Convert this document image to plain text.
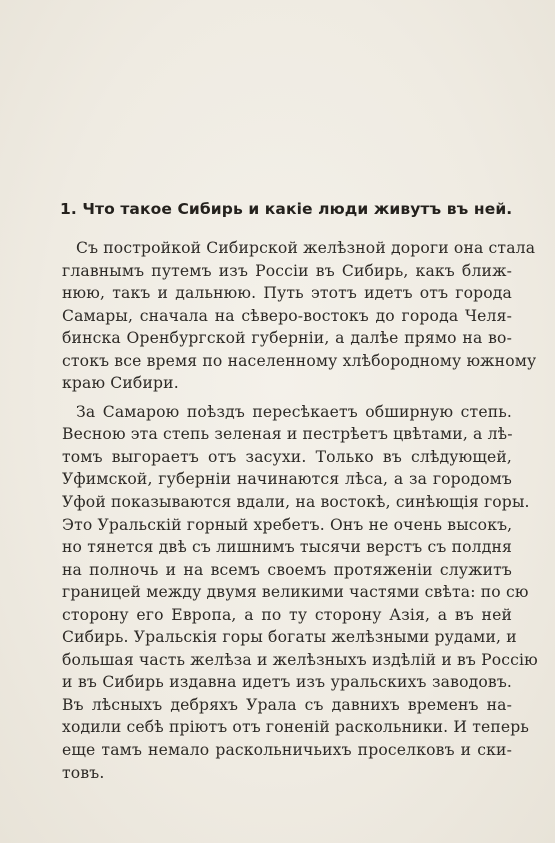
1. Что такое Сибирь и какіе люди живутъ въ ней.
Съ постройкой Сибирской желѣзной дороги она стала
главнымъ путемъ изъ Россіи въ Сибирь, какъ ближ-
нюю, такъ и дальнюю. Путь этотъ идетъ отъ города
Самары, сначала на сѣверо-востокъ до города Челя-
бинска Оренбургской губерніи, а далѣе прямо на во-
стокъ все время по населенному хлѣбородному южному
краю Сибири.
За Самарою поѣздъ пересѣкаетъ обширную степь.
Весною эта степь зеленая и пестрѣетъ цвѣтами, а лѣ-
томъ выгораетъ отъ засухи. Только въ слѣдующей,
Уфимской, губерніи начинаются лѣса, а за городомъ
Уфой показываются вдали, на востокѣ, синѣющія горы.
Это Уральскій горный хребетъ. Онъ не очень высокъ,
но тянется двѣ съ лишнимъ тысячи верстъ съ полдня
на полночь и на всемъ своемъ протяженіи служитъ
границей между двумя великими частями свѣта: по сю
сторону его Европа, а по ту сторону Азія, а въ ней
Сибирь. Уральскія горы богаты желѣзными рудами, и
большая часть желѣза и желѣзныхъ издѣлій и въ Россію
и въ Сибирь издавна идетъ изъ уральскихъ заводовъ.
Въ лѣсныхъ дебряхъ Урала съ давнихъ временъ на-
ходили себѣ пріютъ отъ гоненій раскольники. И теперь
еще тамъ немало раскольничьихъ проселковъ и ски-
товъ.
